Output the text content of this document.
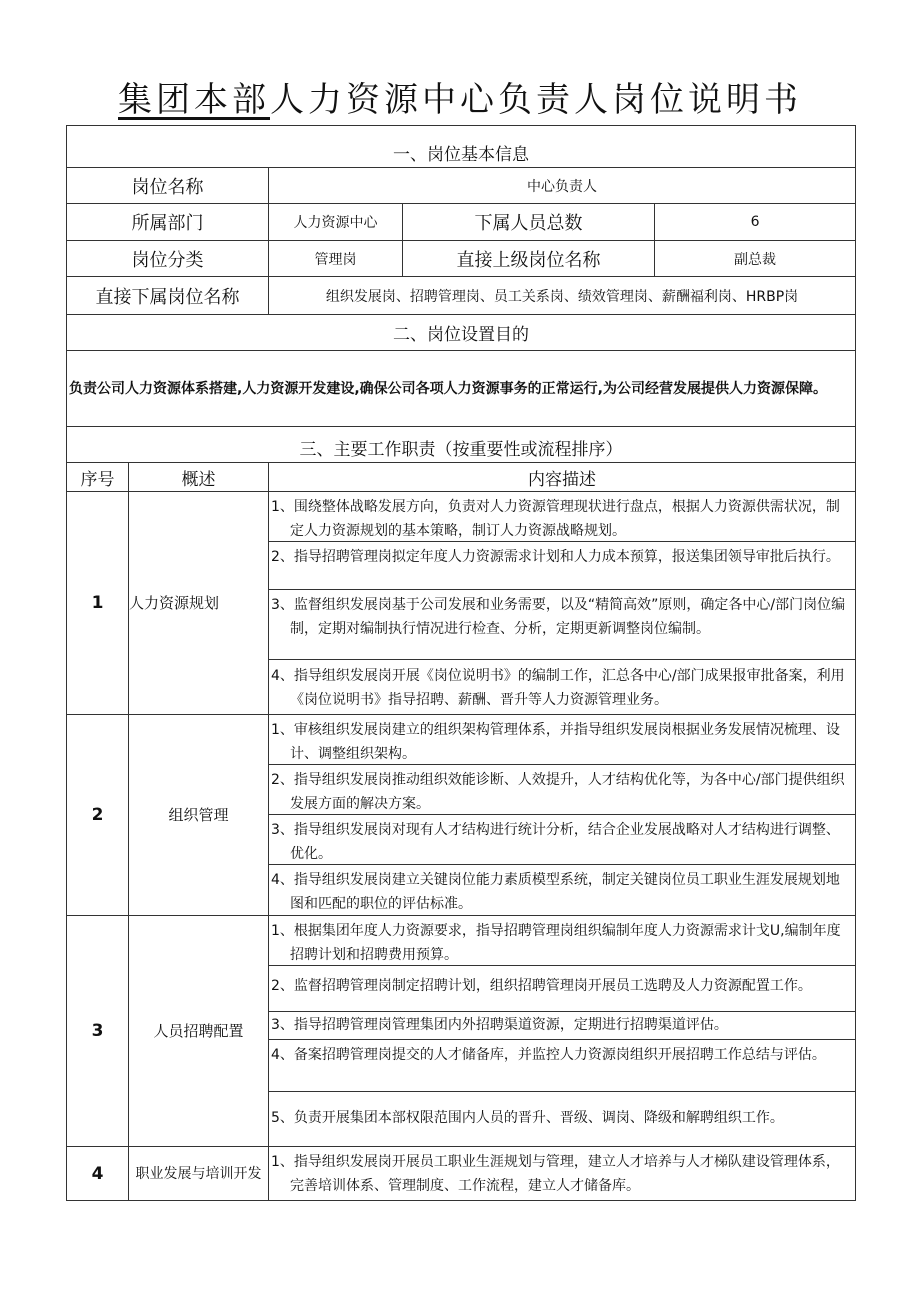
集团本部人力资源中心负责人岗位说明书
一、岗位基本信息				
岗位名称		中心负责人		
所属部门		人力资源中心	下属人员总数	6
岗位分类		管理岗	直接上级岗位名称	副总裁
直接下属岗位名称		组织发展岗、招聘管理岗、员工关系岗、绩效管理岗、薪酬福利岗、HRBP岗		
二、岗位设置目的				
负责公司人力资源体系搭建,人力资源开发建设,确保公司各项人力资源事务的正常运行,为公司经营发展提供人力资源保障。				
三、主要工作职责（按重要性或流程排序）				
序号	概述	内容描述		
1	人力资源规划	1、围绕整体战略发展方向，负责对人力资源管理现状进行盘点，根据人力资源供需状况，制定人力资源规划的基本策略，制订人力资源战略规划。
2、指导招聘管理岗拟定年度人力资源需求计划和人力成本预算，报送集团领导审批后执行。
3、监督组织发展岗基于公司发展和业务需要，以及“精简高效”原则，确定各中心/部门岗位编制，定期对编制执行情况进行检查、分析，定期更新调整岗位编制。
4、指导组织发展岗开展《岗位说明书》的编制工作，汇总各中心/部门成果报审批备案，利用《岗位说明书》指导招聘、薪酬、晋升等人力资源管理业务。		

2	组织管理	1、审核组织发展岗建立的组织架构管理体系，并指导组织发展岗根据业务发展情况梳理、设计、调整组织架构。
2、指导组织发展岗推动组织效能诊断、人效提升，人才结构优化等，为各中心/部门提供组织发展方面的解决方案。
3、指导组织发展岗对现有人才结构进行统计分析，结合企业发展战略对人才结构进行调整、优化。
4、指导组织发展岗建立关键岗位能力素质模型系统，制定关键岗位员工职业生涯发展规划地图和匹配的职位的评估标准。		

3	人员招聘配置	1、根据集团年度人力资源要求，指导招聘管理岗组织编制年度人力资源需求计戈U,编制年度招聘计划和招聘费用预算。
2、监督招聘管理岗制定招聘计划，组织招聘管理岗开展员工选聘及人力资源配置工作。
3、指导招聘管理岗管理集团内外招聘渠道资源，定期进行招聘渠道评估。
4、备案招聘管理岗提交的人才储备库，并监控人力资源岗组织开展招聘工作总结与评估。
5、负责开展集团本部权限范围内人员的晋升、晋级、调岗、降级和解聘组织工作。		

4	职业发展与培训开发	1、指导组织发展岗开展员工职业生涯规划与管理，建立人才培养与人才梯队建设管理体系，完善培训体系、管理制度、工作流程，建立人才储备库。		
